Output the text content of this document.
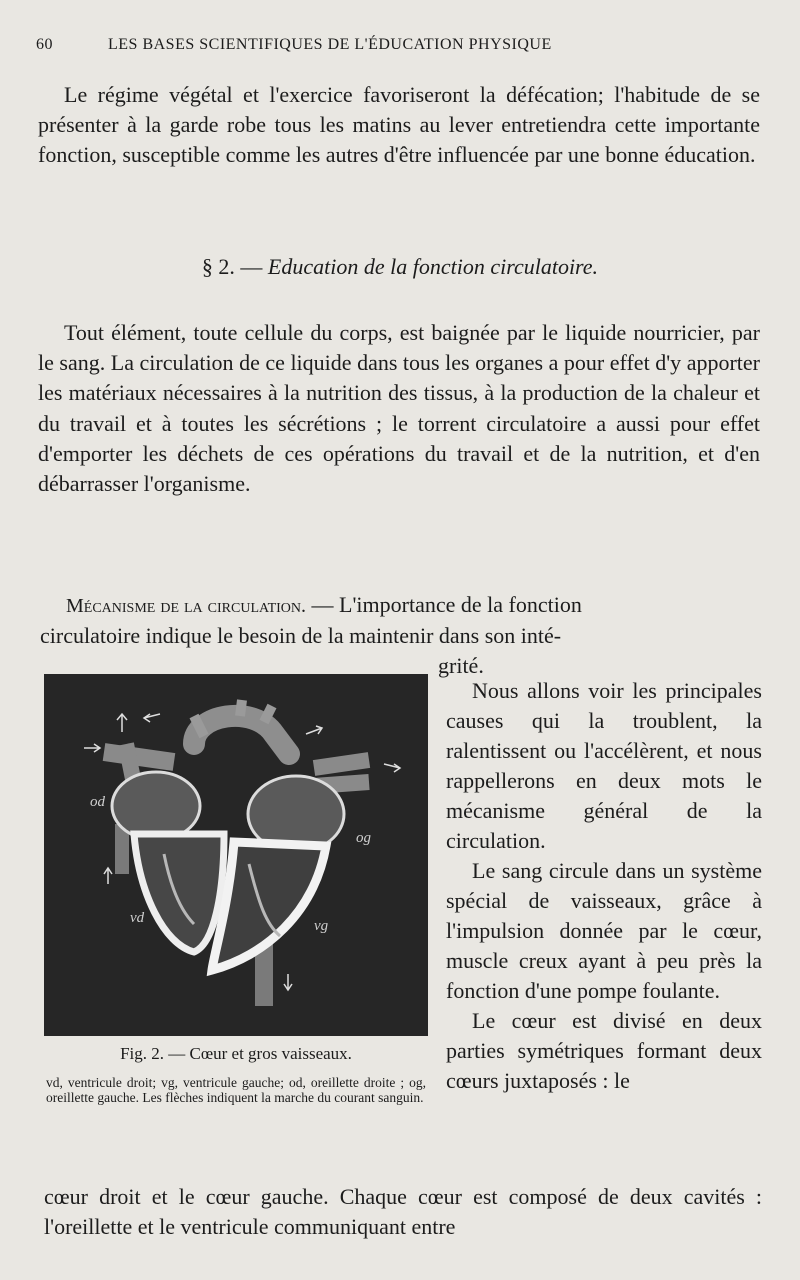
60	LES BASES SCIENTIFIQUES DE L'ÉDUCATION PHYSIQUE

Le régime végétal et l'exercice favoriseront la défécation; l'habitude de se présenter à la garde robe tous les matins au lever entretiendra cette importante fonction, susceptible comme les autres d'être influencée par une bonne éducation.

§ 2. — Education de la fonction circulatoire.

Tout élément, toute cellule du corps, est baignée par le liquide nourricier, par le sang. La circulation de ce liquide dans tous les organes a pour effet d'y apporter les matériaux nécessaires à la nutrition des tissus, à la production de la chaleur et du travail et à toutes les sécrétions ; le torrent circulatoire a aussi pour effet d'emporter les déchets de ces opérations du travail et de la nutrition, et d'en débarrasser l'organisme.

Mécanisme de la circulation. — L'importance de la fonction
circulatoire indique le besoin de la maintenir dans son inté-
grité.
od
og
vd	vg
Fig. 2. — Cœur et gros vaisseaux.
vd, ventricule droit; vg, ventricule gauche; od, oreillette droite ; og, oreillette gauche. Les flèches indiquent la marche du courant sanguin.

Nous allons voir les principales causes qui la troublent, la ralentissent ou l'accélèrent, et nous rappellerons en deux mots le mécanisme général de la circulation.

Le sang circule dans un système spécial de vaisseaux, grâce à l'impulsion donnée par le cœur, muscle creux ayant à peu près la fonction d'une pompe foulante.

Le cœur est divisé en deux parties symétriques formant deux cœurs juxtaposés : le

cœur droit et le cœur gauche. Chaque cœur est composé de deux cavités : l'oreillette et le ventricule communiquant entre
